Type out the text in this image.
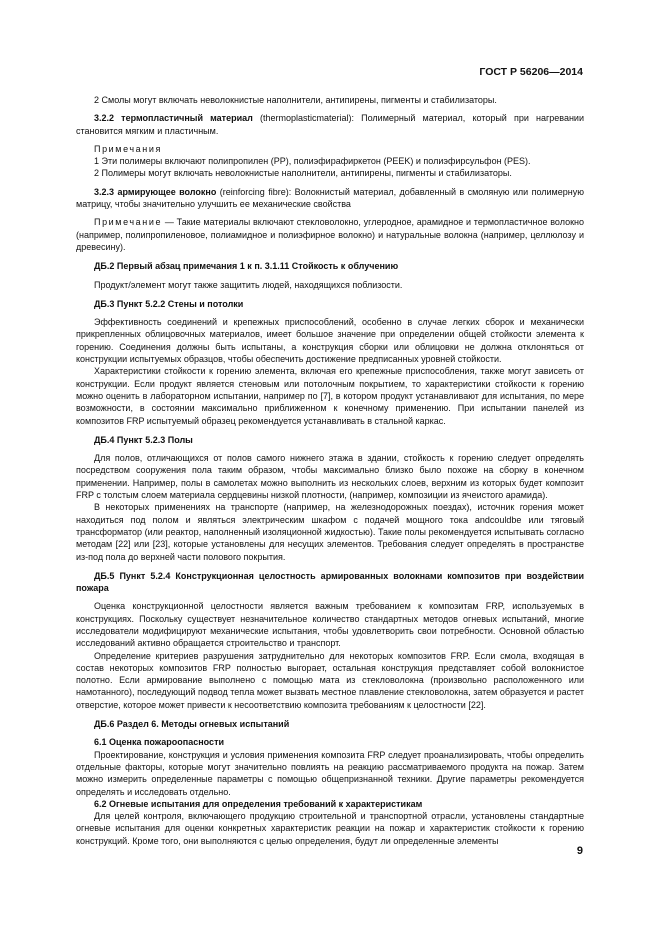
ГОСТ Р 56206—2014

2 Смолы могут включать неволокнистые наполнители, антипирены, пигменты и стабилизаторы.

3.2.2 термопластичный материал (thermoplasticmaterial): Полимерный материал, который при нагревании становится мягким и пластичным.

Примечания

1 Эти полимеры включают полипропилен (PP), полиэфирафиркетон (PEEK) и полиэфирсульфон (PES).

2 Полимеры могут включать неволокнистые наполнители, антипирены, пигменты и стабилизаторы.

3.2.3 армирующее волокно (reinforcing fibre): Волокнистый материал, добавленный в смоляную или полимерную матрицу, чтобы значительно улучшить ее механические свойства

Примечание — Такие материалы включают стекловолокно, углеродное, арамидное и термопластичное волокно (например, полипропиленовое, полиамидное и полиэфирное волокно) и натуральные волокна (например, целлюлозу и древесину).

ДБ.2 Первый абзац примечания 1 к п. 3.1.11 Стойкость к облучению

Продукт/элемент могут также защитить людей, находящихся поблизости.

ДБ.3 Пункт 5.2.2 Стены и потолки

Эффективность соединений и крепежных приспособлений, особенно в случае легких сборок и механически прикрепленных облицовочных материалов, имеет большое значение при определении общей стойкости элемента к горению. Соединения должны быть испытаны, а конструкция сборки или облицовки не должна отклоняться от конструкции испытуемых образцов, чтобы обеспечить достижение предписанных уровней стойкости.

Характеристики стойкости к горению элемента, включая его крепежные приспособления, также могут зависеть от конструкции. Если продукт является стеновым или потолочным покрытием, то характеристики стойкости к горению можно оценить в лабораторном испытании, например по [7], в котором продукт устанавливают для испытания, по мере возможности, в состоянии максимально приближенном к конечному применению. При испытании панелей из композитов FRP испытуемый образец рекомендуется устанавливать в стальной каркас.

ДБ.4 Пункт 5.2.3 Полы

Для полов, отличающихся от полов самого нижнего этажа в здании, стойкость к горению следует определять посредством сооружения пола таким образом, чтобы максимально близко было похоже на сборку в конечном применении. Например, полы в самолетах можно выполнить из нескольких слоев, верхним из которых будет композит FRP с толстым слоем материала сердцевины низкой плотности, (например, композиции из ячеистого арамида).

В некоторых применениях на транспорте (например, на железнодорожных поездах), источник горения может находиться под полом и являться электрическим шкафом с подачей мощного тока andcouldbe или тяговый трансформатор (или реактор, наполненный изоляционной жидкостью). Такие полы рекомендуется испытывать согласно методам [22] или [23], которые установлены для несущих элементов. Требования следует определять в пространстве из-под пола до верхней части полового покрытия.

ДБ.5 Пункт 5.2.4 Конструкционная целостность армированных волокнами композитов при воздействии пожара

Оценка конструкционной целостности является важным требованием к композитам FRP, используемых в конструкциях. Поскольку существует незначительное количество стандартных методов огневых испытаний, многие исследователи модифицируют механические испытания, чтобы удовлетворить свои потребности. Основной областью исследований активно обращается строительство и транспорт.

Определение критериев разрушения затруднительно для некоторых композитов FRP. Если смола, входящая в состав некоторых композитов FRP полностью выгорает, остальная конструкция представляет собой волокнистое полотно. Если армирование выполнено с помощью мата из стекловолокна (произвольно расположенного или намотанного), последующий подвод тепла может вызвать местное плавление стекловолокна, затем образуется и растет отверстие, которое может привести к несоответствию композита требованиям к целостности [22].

ДБ.6 Раздел 6. Методы огневых испытаний

6.1 Оценка пожароопасности

Проектирование, конструкция и условия применения композита FRP следует проанализировать, чтобы определить отдельные факторы, которые могут значительно повлиять на реакцию рассматриваемого продукта на пожар. Затем можно измерить определенные параметры с помощью общепризнанной техники. Другие параметры рекомендуется определять и исследовать отдельно.

6.2 Огневые испытания для определения требований к характеристикам

Для целей контроля, включающего продукцию строительной и транспортной отрасли, установлены стандартные огневые испытания для оценки конкретных характеристик реакции на пожар и характеристик стойкости к горению конструкций. Кроме того, они выполняются с целью определения, будут ли определенные элементы

9
